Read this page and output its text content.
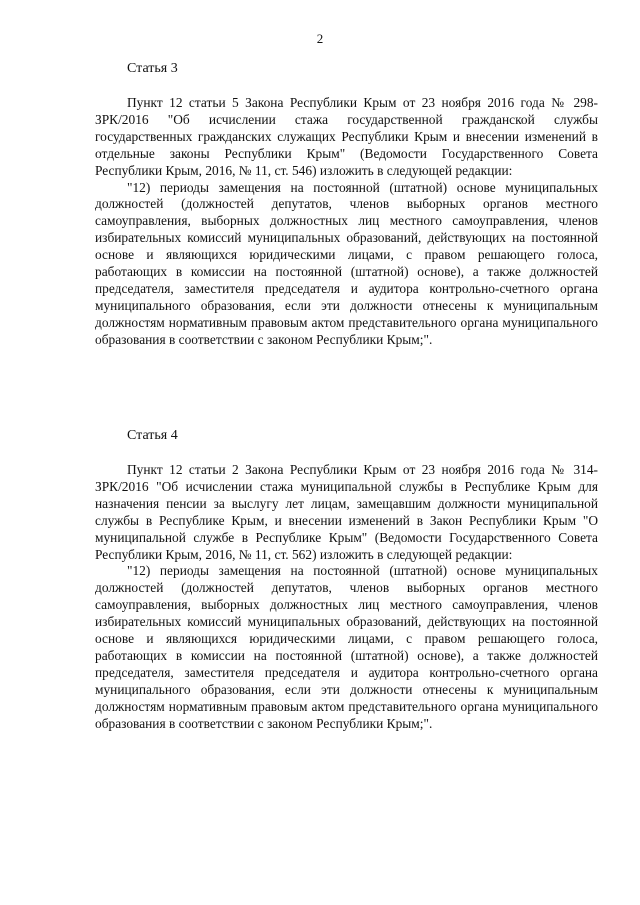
2
Статья 3

Пункт 12 статьи 5 Закона Республики Крым от 23 ноября 2016 года № 298-ЗРК/2016 "Об исчислении стажа государственной гражданской службы государственных гражданских служащих Республики Крым и внесении изменений в отдельные законы Республики Крым" (Ведомости Государственного Совета Республики Крым, 2016, № 11, ст. 546) изложить в следующей редакции:

"12) периоды замещения на постоянной (штатной) основе муниципальных должностей (должностей депутатов, членов выборных органов местного самоуправления, выборных должностных лиц местного самоуправления, членов избирательных комиссий муниципальных образований, действующих на постоянной основе и являющихся юридическими лицами, с правом решающего голоса, работающих в комиссии на постоянной (штатной) основе), а также должностей председателя, заместителя председателя и аудитора контрольно-счетного органа муниципального образования, если эти должности отнесены к муниципальным должностям нормативным правовым актом представительного органа муниципального образования в соответствии с законом Республики Крым;".

Статья 4

Пункт 12 статьи 2 Закона Республики Крым от 23 ноября 2016 года № 314-ЗРК/2016 "Об исчислении стажа муниципальной службы в Республике Крым для назначения пенсии за выслугу лет лицам, замещавшим должности муниципальной службы в Республике Крым, и внесении изменений в Закон Республики Крым "О муниципальной службе в Республике Крым" (Ведомости Государственного Совета Республики Крым, 2016, № 11, ст. 562) изложить в следующей редакции:

"12) периоды замещения на постоянной (штатной) основе муниципальных должностей (должностей депутатов, членов выборных органов местного самоуправления, выборных должностных лиц местного самоуправления, членов избирательных комиссий муниципальных образований, действующих на постоянной основе и являющихся юридическими лицами, с правом решающего голоса, работающих в комиссии на постоянной (штатной) основе), а также должностей председателя, заместителя председателя и аудитора контрольно-счетного органа муниципального образования, если эти должности отнесены к муниципальным должностям нормативным правовым актом представительного органа муниципального образования в соответствии с законом Республики Крым;".
